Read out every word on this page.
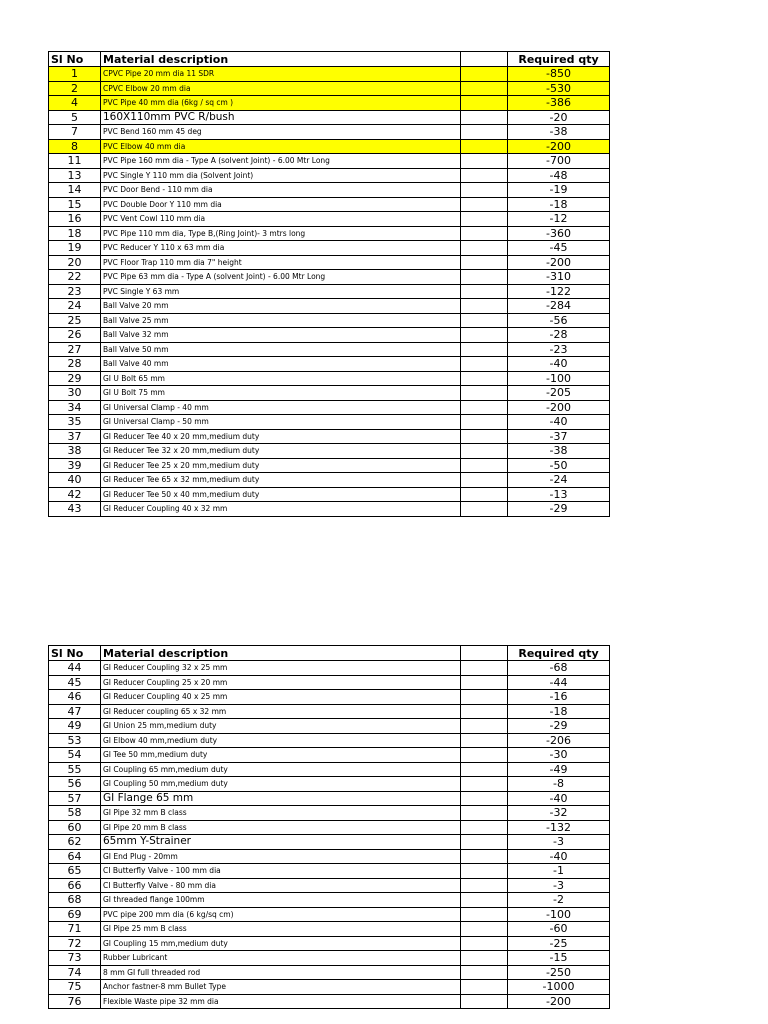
Sl No	Material description		Required qty
1	CPVC Pipe 20 mm dia 11 SDR		-850
2	CPVC Elbow 20 mm dia		-530
4	PVC Pipe 40 mm dia (6kg / sq cm )		-386
5	160X110mm PVC R/bush		-20
7	PVC Bend 160 mm 45 deg		-38
8	PVC Elbow 40 mm dia		-200
11	PVC Pipe 160 mm dia - Type A (solvent Joint) - 6.00 Mtr Long		-700
13	PVC Single Y 110 mm dia (Solvent Joint)		-48
14	PVC Door Bend - 110 mm dia		-19
15	PVC Double Door Y 110 mm dia		-18
16	PVC Vent Cowl 110 mm dia		-12
18	PVC Pipe 110 mm dia, Type B,(Ring Joint)- 3 mtrs long		-360
19	PVC Reducer Y 110 x 63 mm dia		-45
20	PVC Floor Trap 110 mm dia 7" height		-200
22	PVC Pipe 63 mm dia - Type A (solvent Joint) - 6.00 Mtr Long		-310
23	PVC Single Y 63 mm		-122
24	Ball Valve 20 mm		-284
25	Ball Valve 25 mm		-56
26	Ball Valve 32 mm		-28
27	Ball Valve 50 mm		-23
28	Ball Valve 40 mm		-40
29	GI U Bolt 65 mm		-100
30	GI U Bolt 75 mm		-205
34	GI Universal Clamp - 40 mm		-200
35	GI Universal Clamp - 50 mm		-40
37	GI Reducer Tee 40 x 20 mm,medium duty		-37
38	GI Reducer Tee 32 x 20 mm,medium duty		-38
39	GI Reducer Tee 25 x 20 mm,medium duty		-50
40	GI Reducer Tee 65 x 32 mm,medium duty		-24
42	GI Reducer Tee 50 x 40 mm,medium duty		-13
43	GI Reducer Coupling 40 x 32 mm		-29
Sl No	Material description		Required qty
44	GI Reducer Coupling 32 x 25 mm		-68
45	GI Reducer Coupling 25 x 20 mm		-44
46	GI Reducer Coupling 40 x 25 mm		-16
47	GI Reducer coupling 65 x 32 mm		-18
49	GI Union 25 mm,medium duty		-29
53	GI Elbow 40 mm,medium duty		-206
54	GI Tee 50 mm,medium duty		-30
55	GI Coupling 65 mm,medium duty		-49
56	GI Coupling 50 mm,medium duty		-8
57	GI Flange 65 mm		-40
58	GI Pipe 32 mm B class		-32
60	GI Pipe 20 mm B class		-132
62	65mm Y-Strainer		-3
64	GI End Plug - 20mm		-40
65	CI Butterfly Valve - 100 mm dia		-1
66	CI Butterfly Valve - 80 mm dia		-3
68	GI threaded flange 100mm		-2
69	PVC pipe 200 mm dia (6 kg/sq cm)		-100
71	GI Pipe 25 mm B class		-60
72	GI Coupling 15 mm,medium duty		-25
73	Rubber Lubricant		-15
74	8 mm GI full threaded rod		-250
75	Anchor fastner-8 mm Bullet Type		-1000
76	Flexible Waste pipe 32 mm dia		-200
